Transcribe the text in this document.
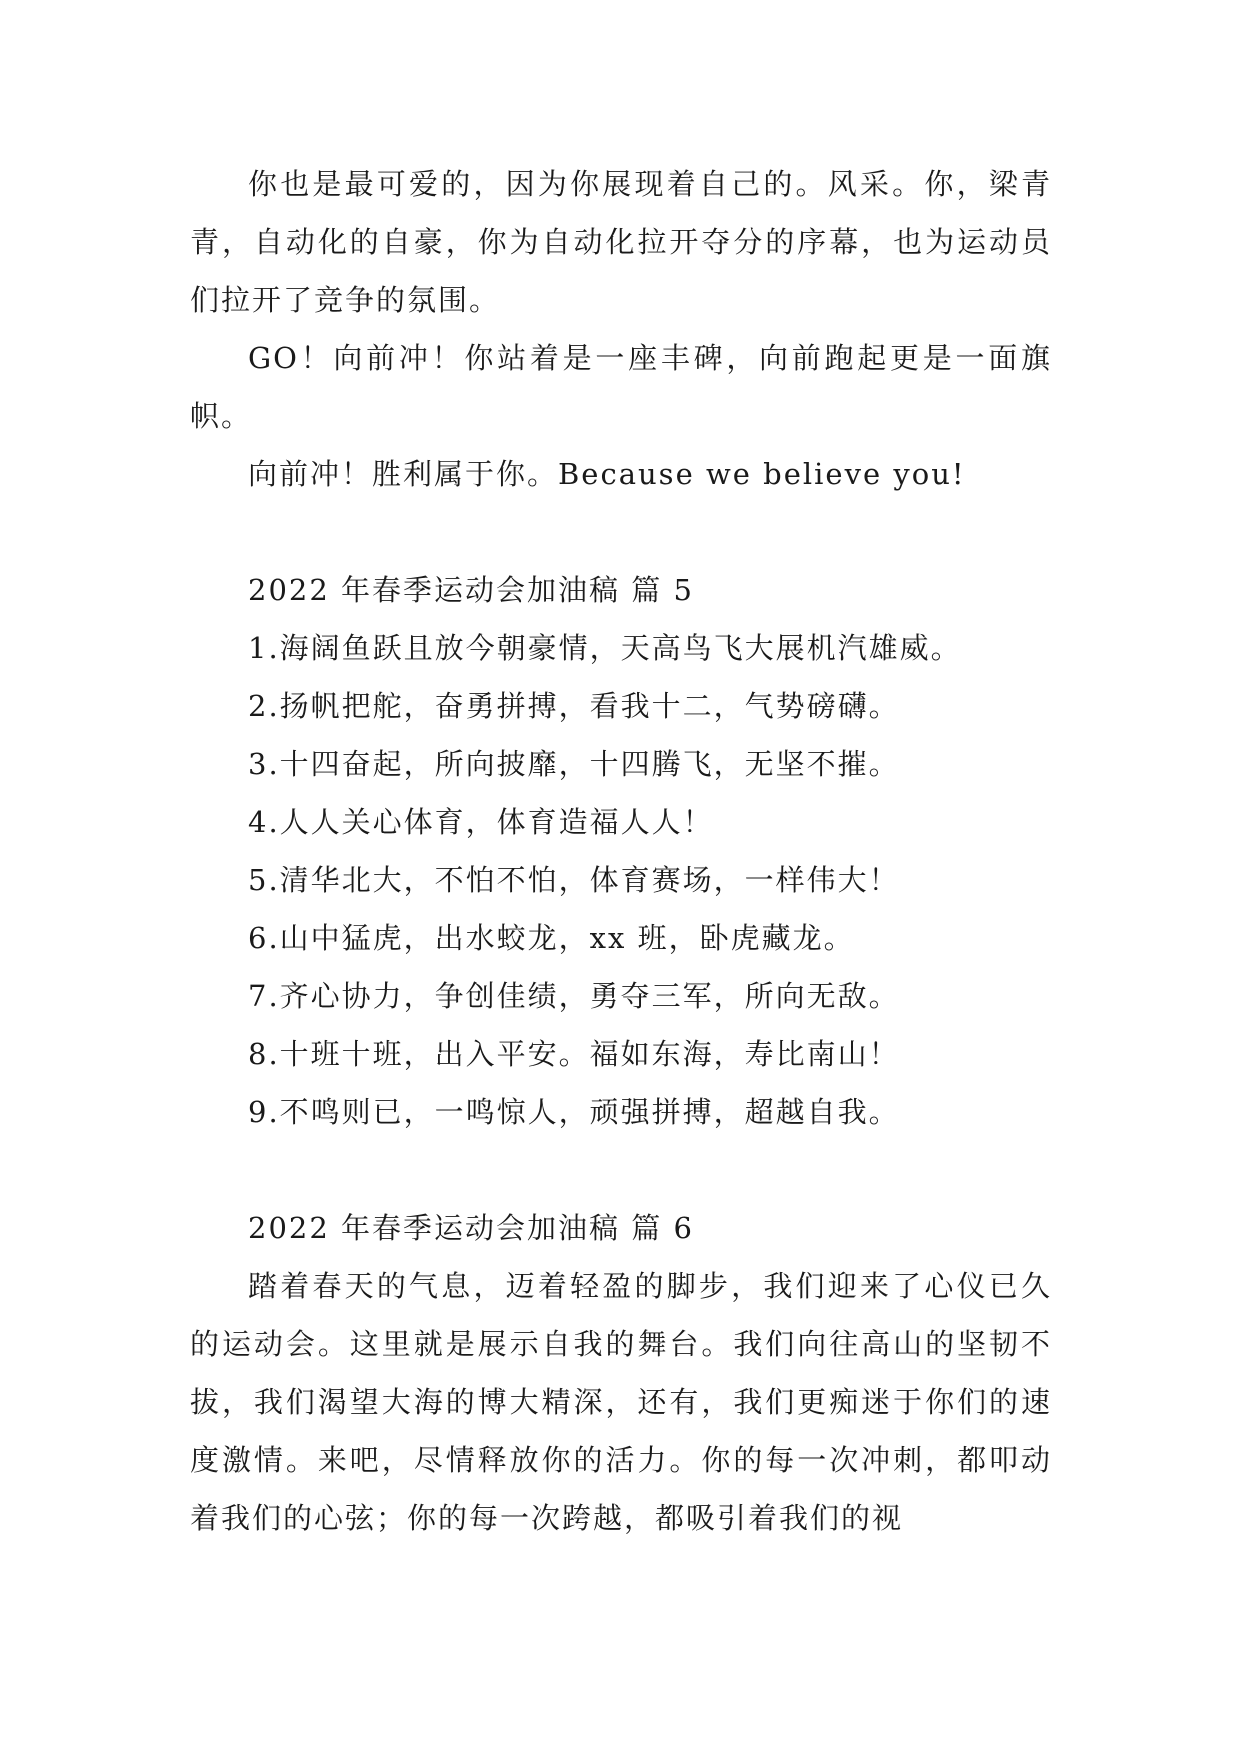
你也是最可爱的，因为你展现着自己的。风采。你，梁青青，自动化的自豪，你为自动化拉开夺分的序幕，也为运动员们拉开了竞争的氛围。

GO！向前冲！你站着是一座丰碑，向前跑起更是一面旗帜。

向前冲！胜利属于你。Because we believe you!

2022 年春季运动会加油稿 篇 5

1.海阔鱼跃且放今朝豪情，天高鸟飞大展机汽雄威。

2.扬帆把舵，奋勇拼搏，看我十二，气势磅礴。

3.十四奋起，所向披靡，十四腾飞，无坚不摧。

4.人人关心体育，体育造福人人！

5.清华北大，不怕不怕，体育赛场，一样伟大！

6.山中猛虎，出水蛟龙，xx 班，卧虎藏龙。

7.齐心协力，争创佳绩，勇夺三军，所向无敌。

8.十班十班，出入平安。福如东海，寿比南山！

9.不鸣则已，一鸣惊人，顽强拼搏，超越自我。

2022 年春季运动会加油稿 篇 6

踏着春天的气息，迈着轻盈的脚步，我们迎来了心仪已久的运动会。这里就是展示自我的舞台。我们向往高山的坚韧不拔，我们渴望大海的博大精深，还有，我们更痴迷于你们的速度激情。来吧，尽情释放你的活力。你的每一次冲刺，都叩动着我们的心弦；你的每一次跨越，都吸引着我们的视
